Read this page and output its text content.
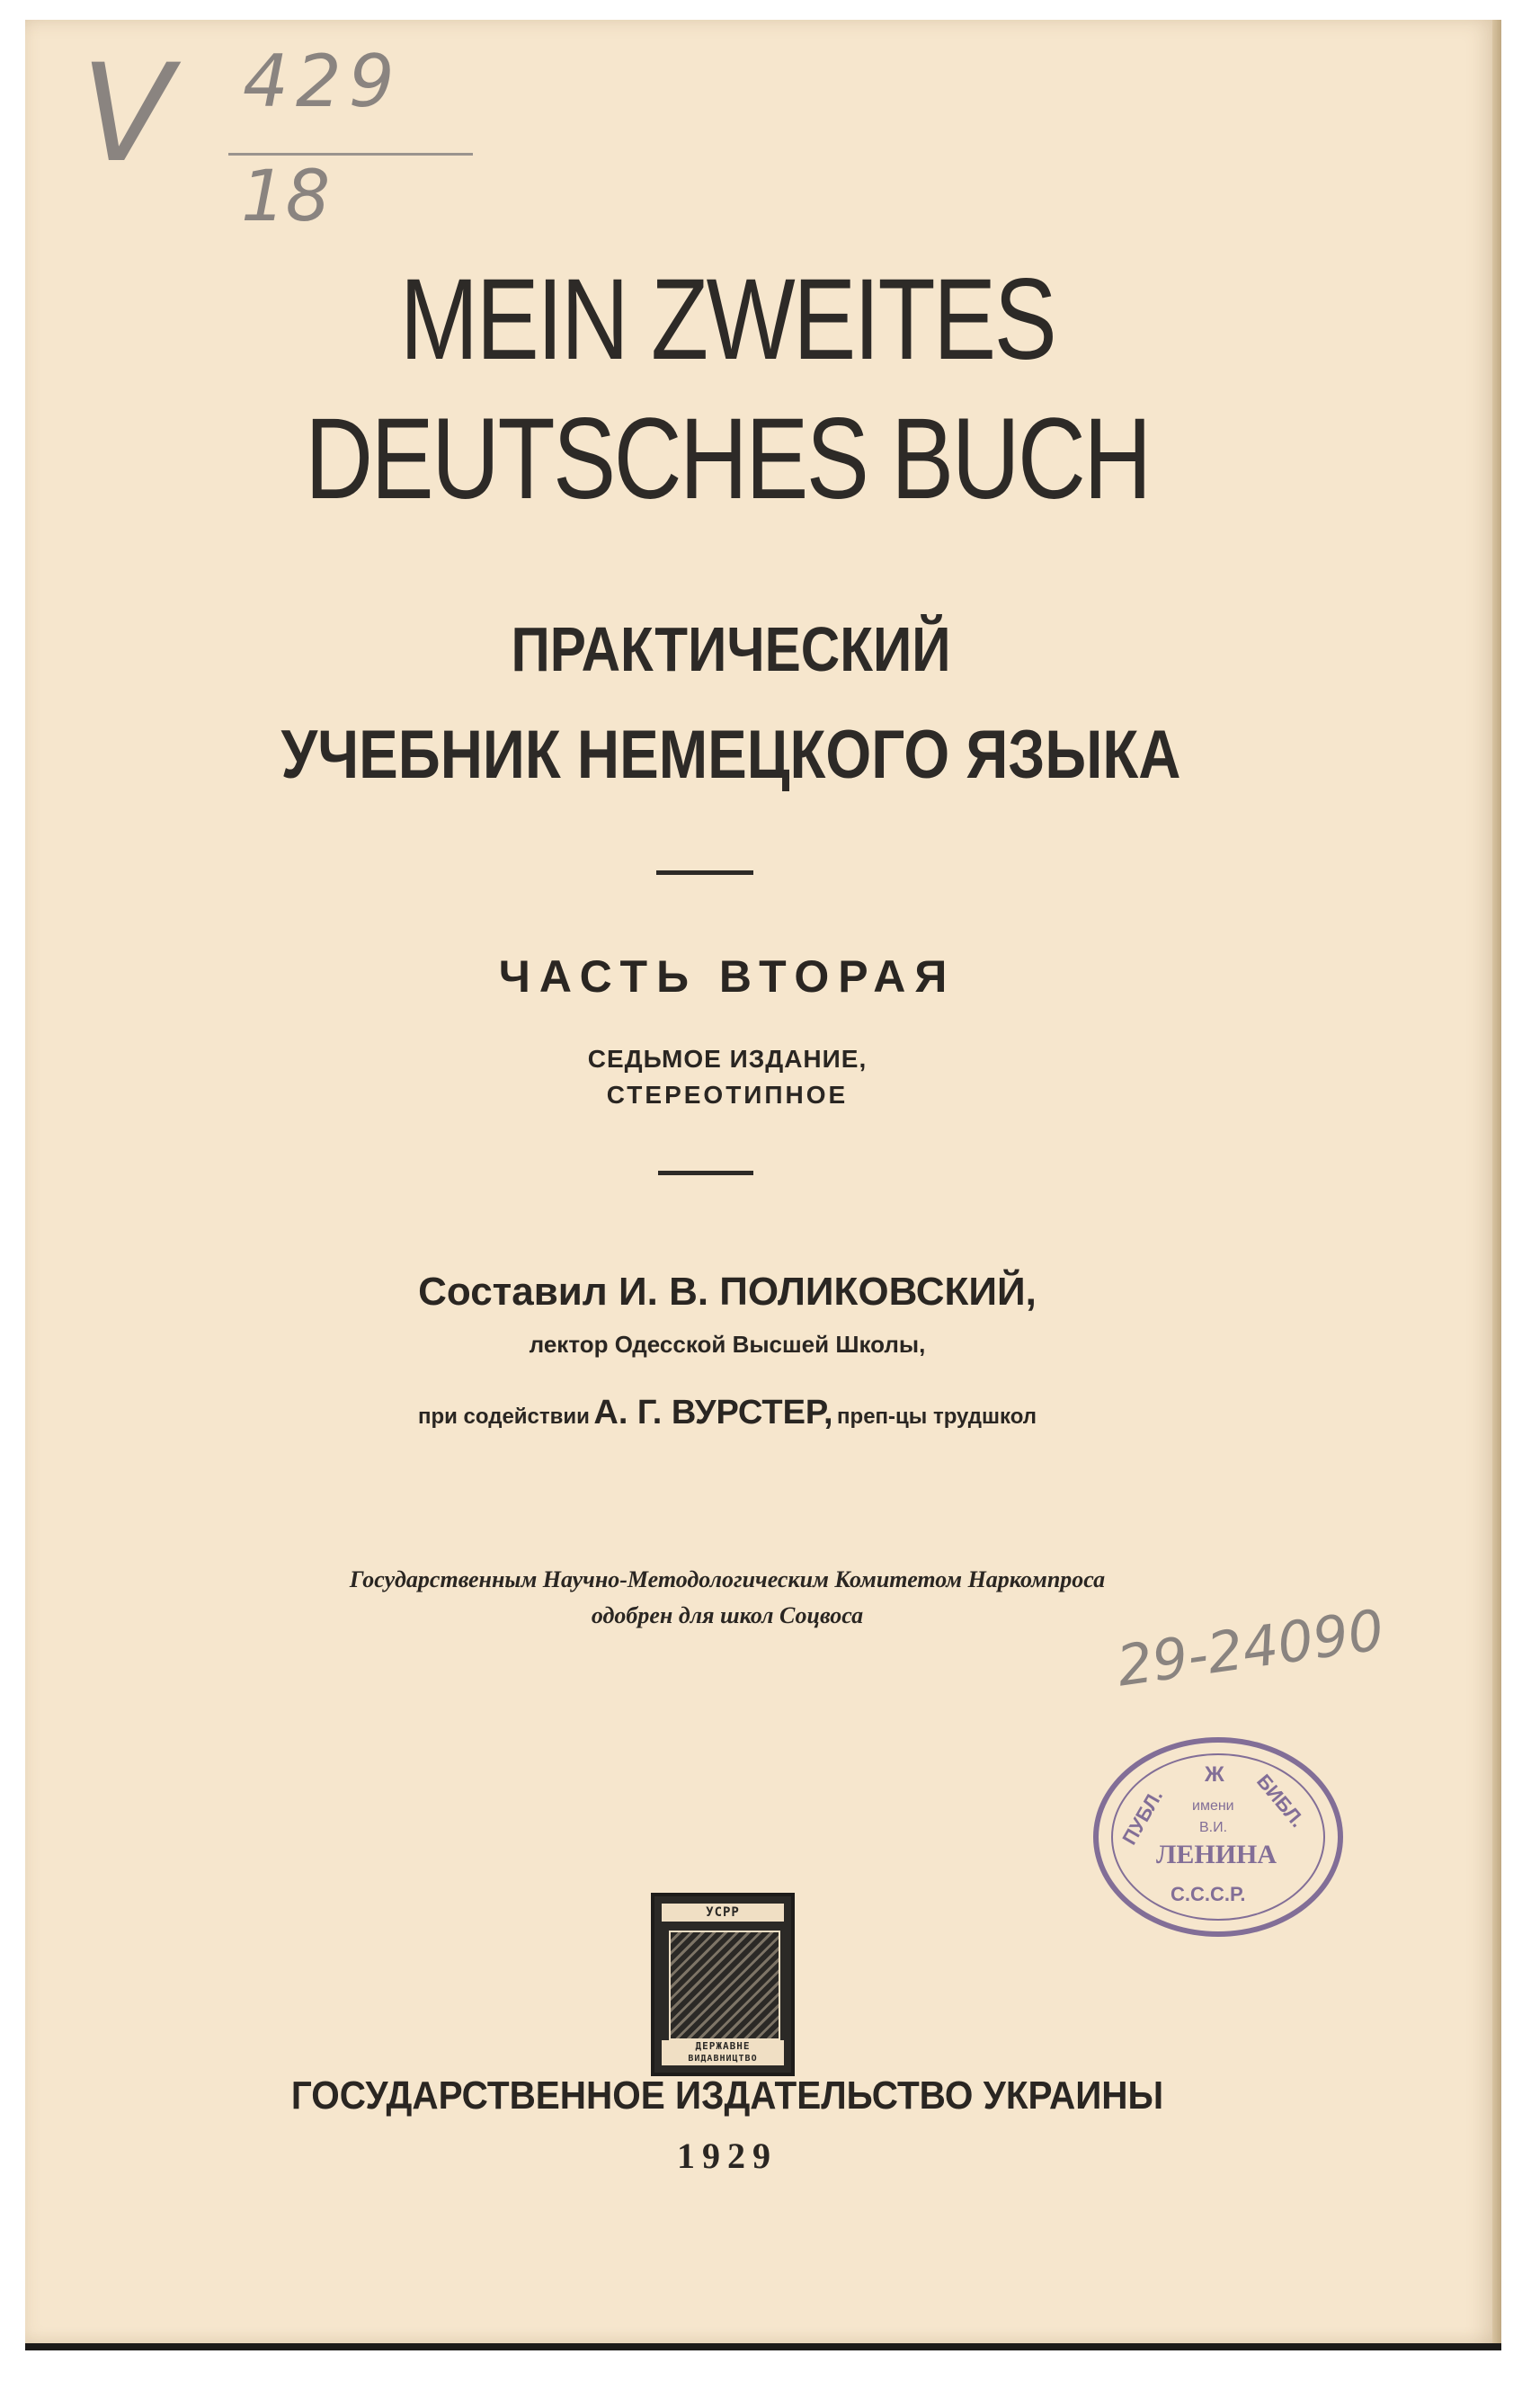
V 429
18
MEIN ZWEITES
DEUTSCHES BUCH
ПРАКТИЧЕСКИЙ
УЧЕБНИК НЕМЕЦКОГО ЯЗЫКА
ЧАСТЬ ВТОРАЯ
СЕДЬМОЕ ИЗДАНИЕ,
СТЕРЕОТИПНОЕ
Составил И. В. ПОЛИКОВСКИЙ,
лектор Одесской Высшей Школы,
при содействии А. Г. ВУРСТЕР, преп-цы трудшкол
Государственным Научно-Методологическим Комитетом Наркомпроса
одобрен для школ Соцвоса	29-24090
ПУБЛ.
Ж БИБЛ.
имени
В.И.
ЛЕНИНА
С.С.С.Р.
УСРР
ДЕРЖАВНЕ
ВИДАВНИЦТВО
ГОСУДАРСТВЕННОЕ ИЗДАТЕЛЬСТВО УКРАИНЫ
1929
